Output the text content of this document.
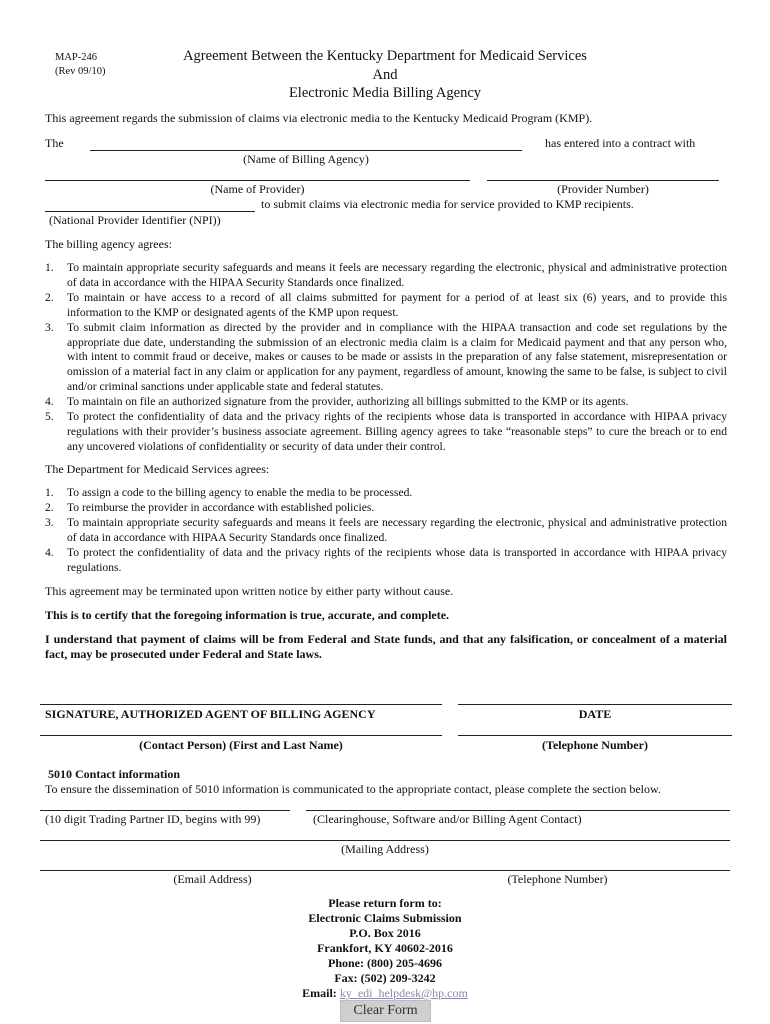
MAP-246
(Rev 09/10)
Agreement Between the Kentucky Department for Medicaid Services
And
Electronic Media Billing Agency
This agreement regards the submission of claims via electronic media to the Kentucky Medicaid Program (KMP).
The	has entered into a contract with
(Name of Billing Agency)
(Name of Provider)	(Provider Number)
to submit claims via electronic media for service provided to KMP recipients.
(National Provider Identifier (NPI))
The billing agency agrees:
1. To maintain appropriate security safeguards and means it feels are necessary regarding the electronic, physical and administrative protection of data in accordance with the HIPAA Security Standards once finalized.
2. To maintain or have access to a record of all claims submitted for payment for a period of at least six (6) years, and to provide this information to the KMP or designated agents of the KMP upon request.
3. To submit claim information as directed by the provider and in compliance with the HIPAA transaction and code set regulations by the appropriate due date, understanding the submission of an electronic media claim is a claim for Medicaid payment and that any person who, with intent to commit fraud or deceive, makes or causes to be made or assists in the preparation of any false statement, misrepresentation or omission of a material fact in any claim or application for any payment, regardless of amount, knowing the same to be false, is subject to civil and/or criminal sanctions under applicable state and federal statutes.
4. To maintain on file an authorized signature from the provider, authorizing all billings submitted to the KMP or its agents.
5. To protect the confidentiality of data and the privacy rights of the recipients whose data is transported in accordance with HIPAA privacy regulations with their provider’s business associate agreement. Billing agency agrees to take “reasonable steps” to cure the breach or to end any uncovered violations of confidentiality or security of data under their control.
The Department for Medicaid Services agrees:
1. To assign a code to the billing agency to enable the media to be processed.
2. To reimburse the provider in accordance with established policies.
3. To maintain appropriate security safeguards and means it feels are necessary regarding the electronic, physical and administrative protection of data in accordance with HIPAA Security Standards once finalized.
4. To protect the confidentiality of data and the privacy rights of the recipients whose data is transported in accordance with HIPAA privacy regulations.
This agreement may be terminated upon written notice by either party without cause.
This is to certify that the foregoing information is true, accurate, and complete.
I understand that payment of claims will be from Federal and State funds, and that any falsification, or concealment of a material fact, may be prosecuted under Federal and State laws.
SIGNATURE, AUTHORIZED AGENT OF BILLING AGENCY	DATE
(Contact Person) (First and Last Name)	(Telephone Number)
5010 Contact information
To ensure the dissemination of 5010 information is communicated to the appropriate contact, please complete the section below.
(10 digit Trading Partner ID, begins with 99)	(Clearinghouse, Software and/or Billing Agent Contact)
(Mailing Address)
(Email Address)	(Telephone Number)
Please return form to:
Electronic Claims Submission
P.O. Box 2016
Frankfort, KY 40602-2016
Phone: (800) 205-4696
Fax: (502) 209-3242
Email: ky_edi_helpdesk@hp.com
Clear Form
